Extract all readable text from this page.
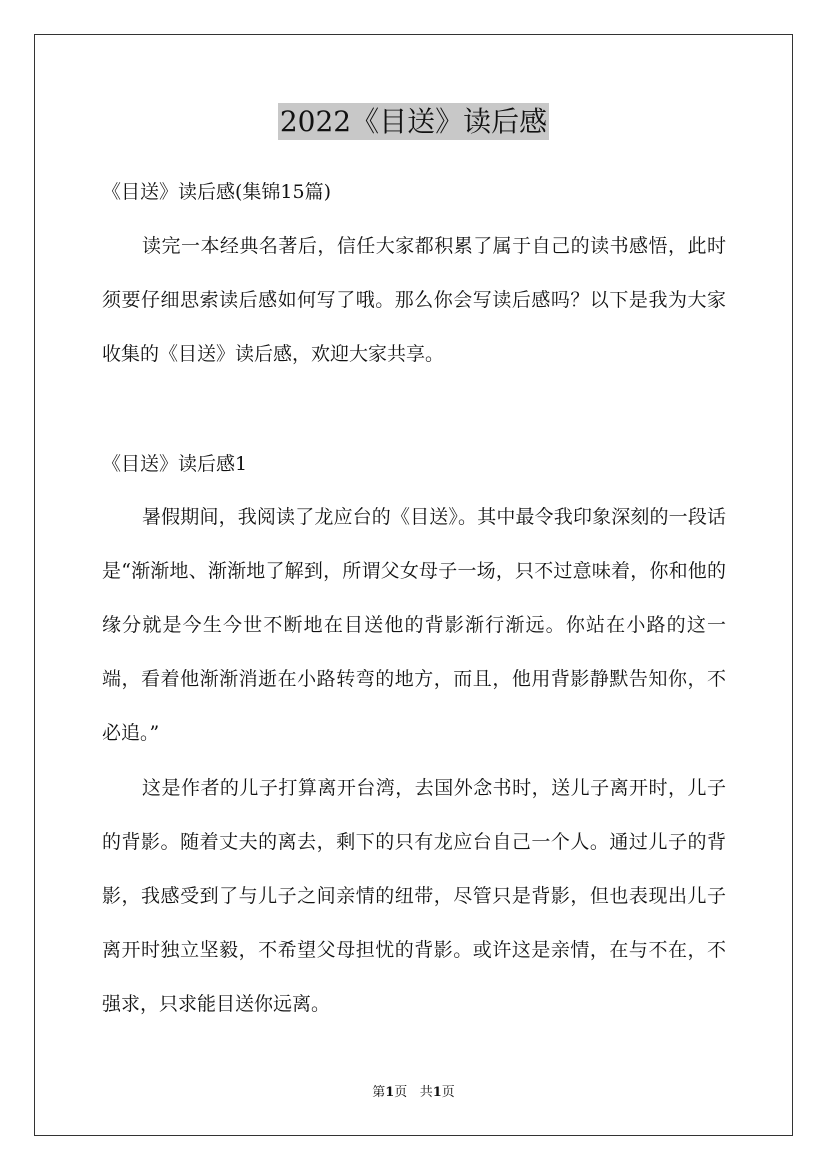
2022《目送》读后感
《目送》读后感(集锦15篇)

读完一本经典名著后，信任大家都积累了属于自己的读书感悟，此时须要仔细思索读后感如何写了哦。那么你会写读后感吗？以下是我为大家收集的《目送》读后感，欢迎大家共享。

《目送》读后感1

暑假期间，我阅读了龙应台的《目送》。其中最令我印象深刻的一段话是“渐渐地、渐渐地了解到，所谓父女母子一场，只不过意味着，你和他的缘分就是今生今世不断地在目送他的背影渐行渐远。你站在小路的这一端，看着他渐渐消逝在小路转弯的地方，而且，他用背影静默告知你，不必追。”

这是作者的儿子打算离开台湾，去国外念书时，送儿子离开时，儿子的背影。随着丈夫的离去，剩下的只有龙应台自己一个人。通过儿子的背影，我感受到了与儿子之间亲情的纽带，尽管只是背影，但也表现出儿子离开时独立坚毅，不希望父母担忧的背影。或许这是亲情，在与不在，不强求，只求能目送你远离。

第1页   共1页
